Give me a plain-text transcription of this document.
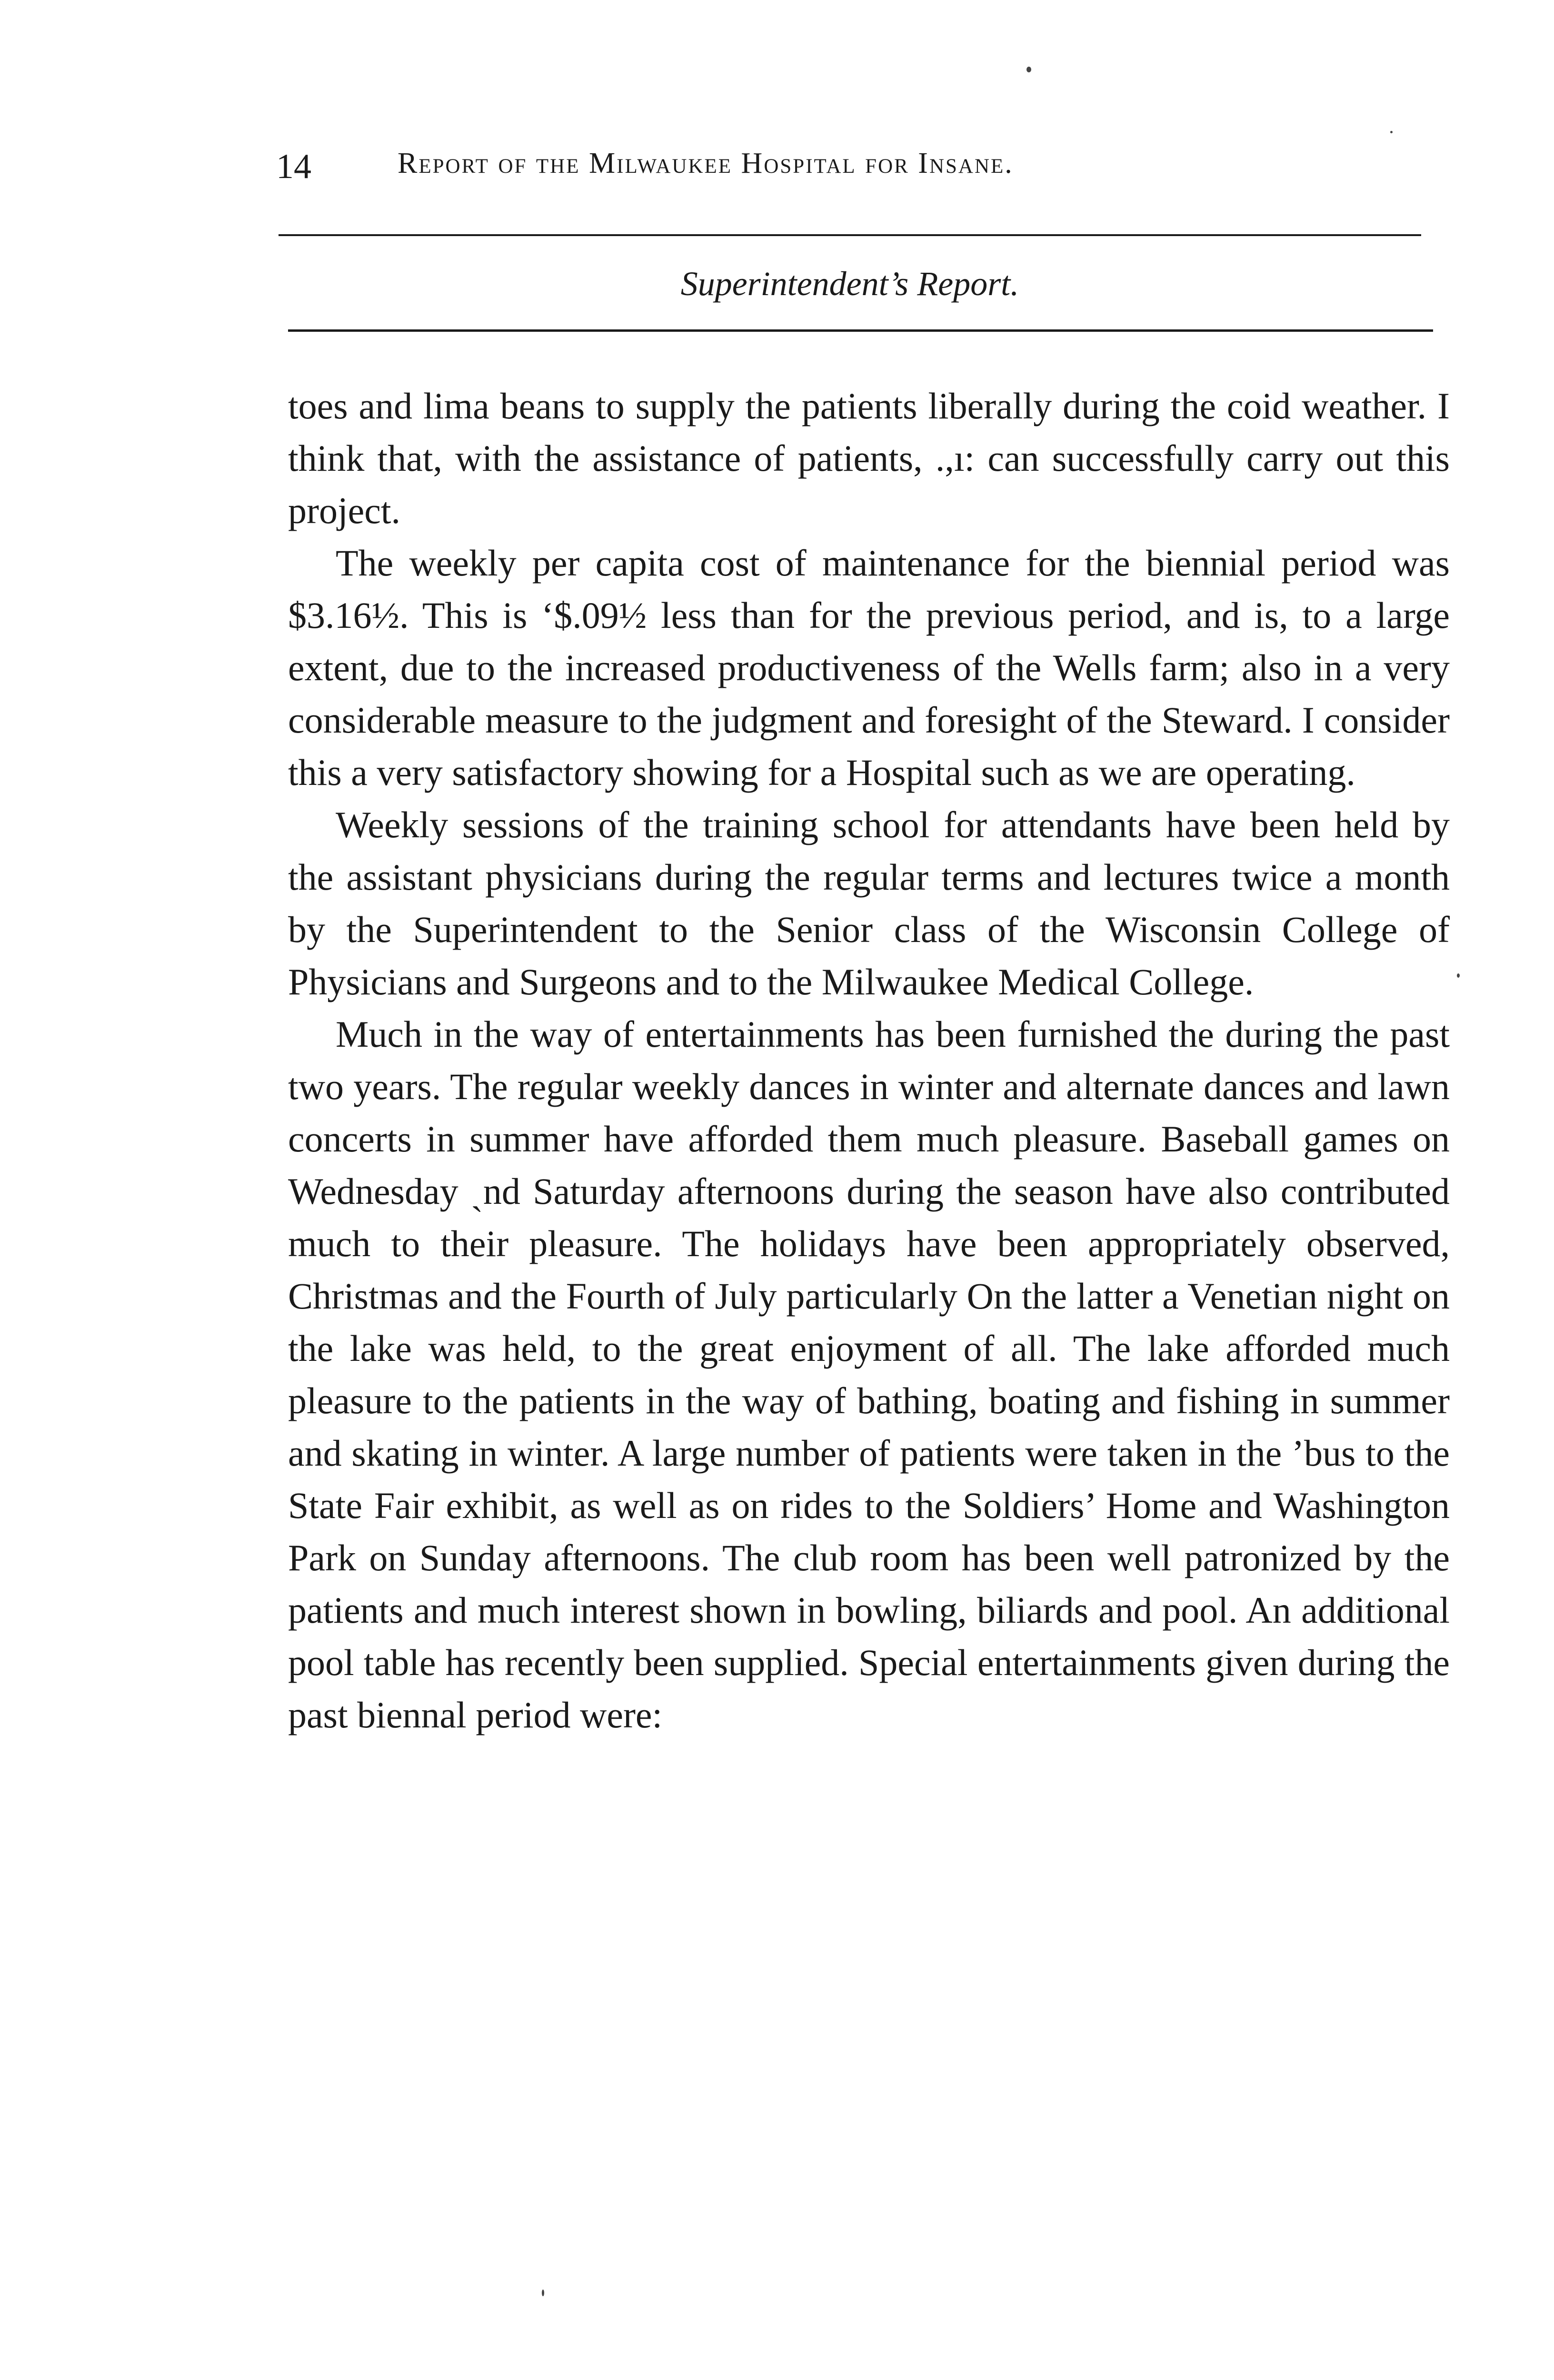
14	Report of the Milwaukee Hospital for Insane.
Superintendent’s Report.

toes and lima beans to supply the patients liberally during the coid weather. I think that, with the assistance of patients, .,ı: can successfully carry out this project.

The weekly per capita cost of maintenance for the biennial period was $3.16½. This is ʻ$.09½ less than for the previous period, and is, to a large extent, due to the increased productiveness of the Wells farm; also in a very considerable measure to the judgment and foresight of the Steward. I consider this a very satisfactory showing for a Hospital such as we are operating.

Weekly sessions of the training school for attendants have been held by the assistant physicians during the regular terms and lectures twice a month by the Superintendent to the Senior class of the Wisconsin College of Physicians and Surgeons and to the Milwaukee Medical College.

Much in the way of entertainments has been furnished the during the past two years. The regular weekly dances in winter and alternate dances and lawn concerts in summer have afforded them much pleasure. Baseball games on Wednesday ˏnd Saturday afternoons during the season have also contributed much to their pleasure. The holidays have been appropriately observed, Christmas and the Fourth of July particularly On the latter a Venetian night on the lake was held, to the great enjoyment of all. The lake afforded much pleasure to the patients in the way of bathing, boating and fishing in summer and skating in winter. A large number of patients were taken in the ’bus to the State Fair exhibit, as well as on rides to the Soldiers’ Home and Washington Park on Sunday afternoons. The club room has been well patronized by the patients and much interest shown in bowling, biliards and pool. An additional pool table has recently been supplied. Special entertainments given during the past biennal period were:
